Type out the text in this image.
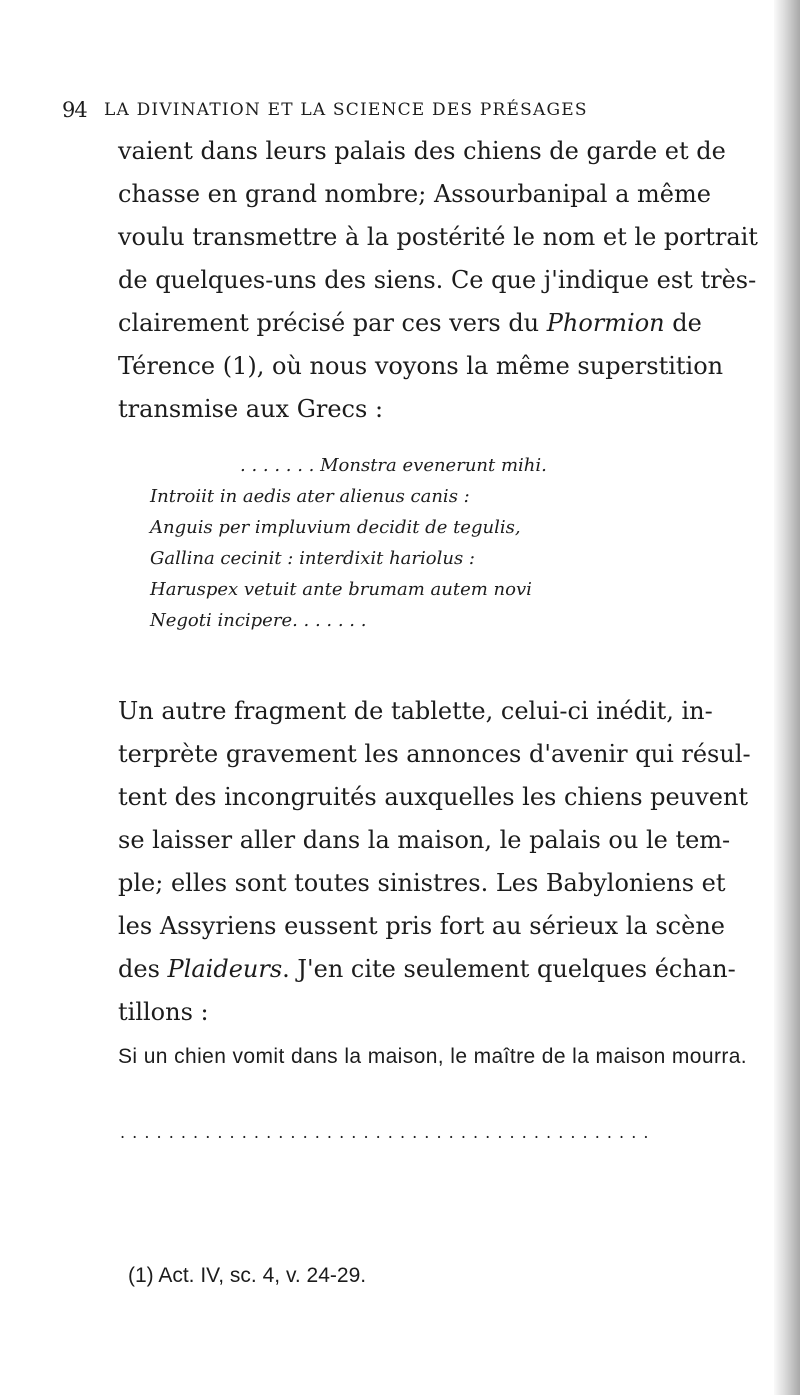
94 LA DIVINATION ET LA SCIENCE DES PRÉSAGES

vaient dans leurs palais des chiens de garde et de chasse en grand nombre; Assourbanipal a même voulu transmettre à la postérité le nom et le portrait de quelques-uns des siens. Ce que j'indique est très-clairement précisé par ces vers du Phormion de Térence (1), où nous voyons la même superstition transmise aux Grecs :

. . . . . . . Monstra evenerunt mihi.
Introiit in aedis ater alienus canis :
Anguis per impluvium decidit de tegulis,
Gallina cecinit : interdixit hariolus :
Haruspex vetuit ante brumam autem novi
Negoti incipere. . . . . . .

Un autre fragment de tablette, celui-ci inédit, in-terprète gravement les annonces d'avenir qui résul-tent des incongruités auxquelles les chiens peuvent se laisser aller dans la maison, le palais ou le tem-ple; elles sont toutes sinistres. Les Babyloniens et les Assyriens eussent pris fort au sérieux la scène des Plaideurs. J'en cite seulement quelques échan-tillons :

Si un chien vomit dans la maison, le maître de la maison mourra.

. . . . . . . . . . . . . . . . . . . . . . . . . . . . . . . . . . . . . . . . . . . .
(1) Act. IV, sc. 4, v. 24-29.
